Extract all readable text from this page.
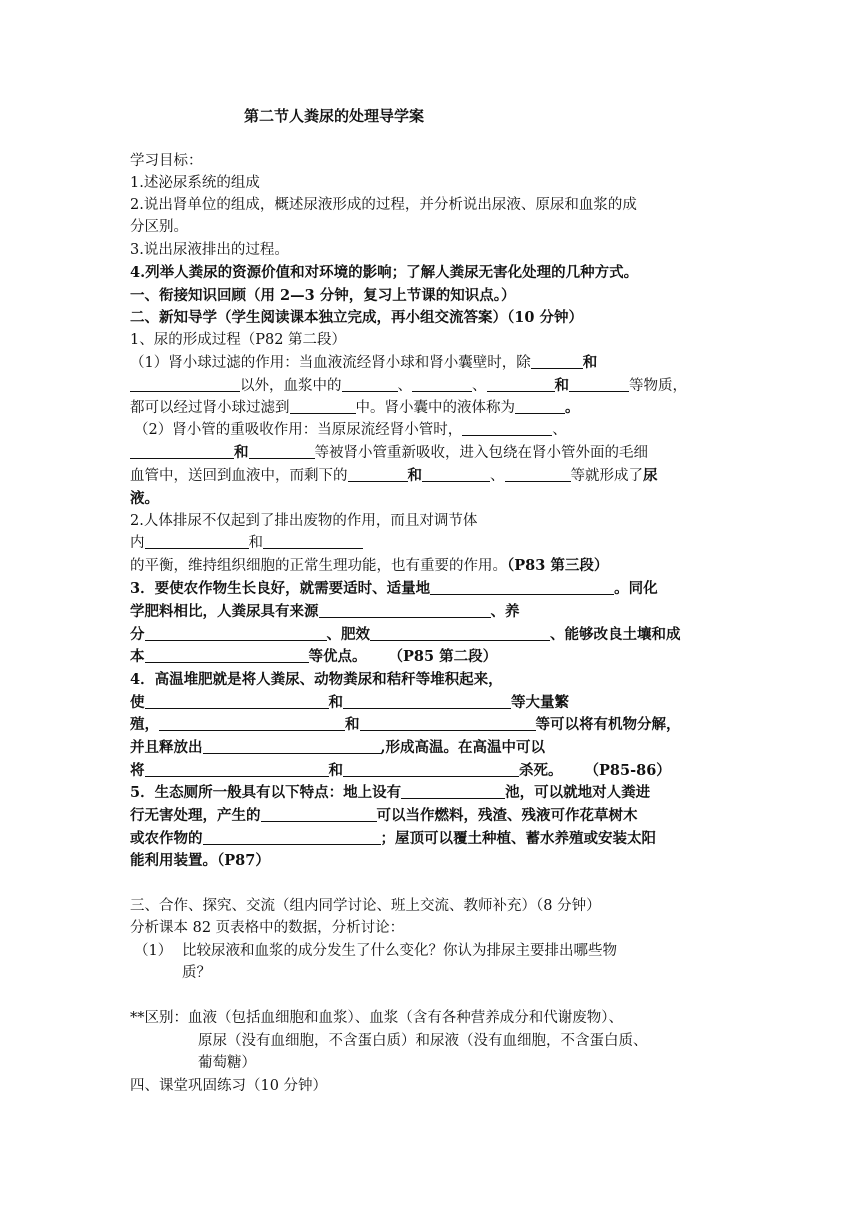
第二节人粪尿的处理导学案
学习目标：
1.述泌尿系统的组成
2.说出肾单位的组成，概述尿液形成的过程，并分析说出尿液、原尿和血浆的成
分区别。
3.说出尿液排出的过程。
4.列举人粪尿的资源价值和对环境的影响；了解人粪尿无害化处理的几种方式。
一、衔接知识回顾（用 2—3 分钟，复习上节课的知识点。）
二、新知导学（学生阅读课本独立完成，再小组交流答案）（10 分钟）
1、尿的形成过程（P82 第二段）
（1）肾小球过滤的作用：当血液流经肾小球和肾小囊壁时，除	和
以外，血浆中的	、	、	和	等物质，
都可以经过肾小球过滤到	中。肾小囊中的液体称为	。
（2）肾小管的重吸收作用：当原尿流经肾小管时，	、
和	等被肾小管重新吸收，进入包绕在肾小管外面的毛细
血管中，送回到血液中，而剩下的	和	、	等就形成了尿
液。
2.人体排尿不仅起到了排出废物的作用，而且对调节体
内	和
的平衡，维持组织细胞的正常生理功能，也有重要的作用。（P83 第三段）
3．要使农作物生长良好，就需要适时、适量地	。同化
学肥料相比，人粪尿具有来源	、养
分	、肥效	、能够改良土壤和成
本	等优点。 （P85 第二段）
4．高温堆肥就是将人粪尿、动物粪尿和秸秆等堆积起来，
使	和	等大量繁
殖，	和	等可以将有机物分解，
并且释放出	,形成高温。在高温中可以
将	和	杀死。 （P85-86）
5．生态厕所一般具有以下特点：地上设有	池，可以就地对人粪进
行无害处理，产生的	可以当作燃料，残渣、残液可作花草树木
或农作物的	；屋顶可以覆土种植、蓄水养殖或安装太阳
能利用装置。（P87）
三、合作、探究、交流（组内同学讨论、班上交流、教师补充）（8 分钟）
分析课本 82 页表格中的数据，分析讨论：
（1） 比较尿液和血浆的成分发生了什么变化？你认为排尿主要排出哪些物
质？
**区别：血液（包括血细胞和血浆）、血浆（含有各种营养成分和代谢废物）、
原尿（没有血细胞，不含蛋白质）和尿液（没有血细胞，不含蛋白质、
葡萄糖）
四、课堂巩固练习（10 分钟）
